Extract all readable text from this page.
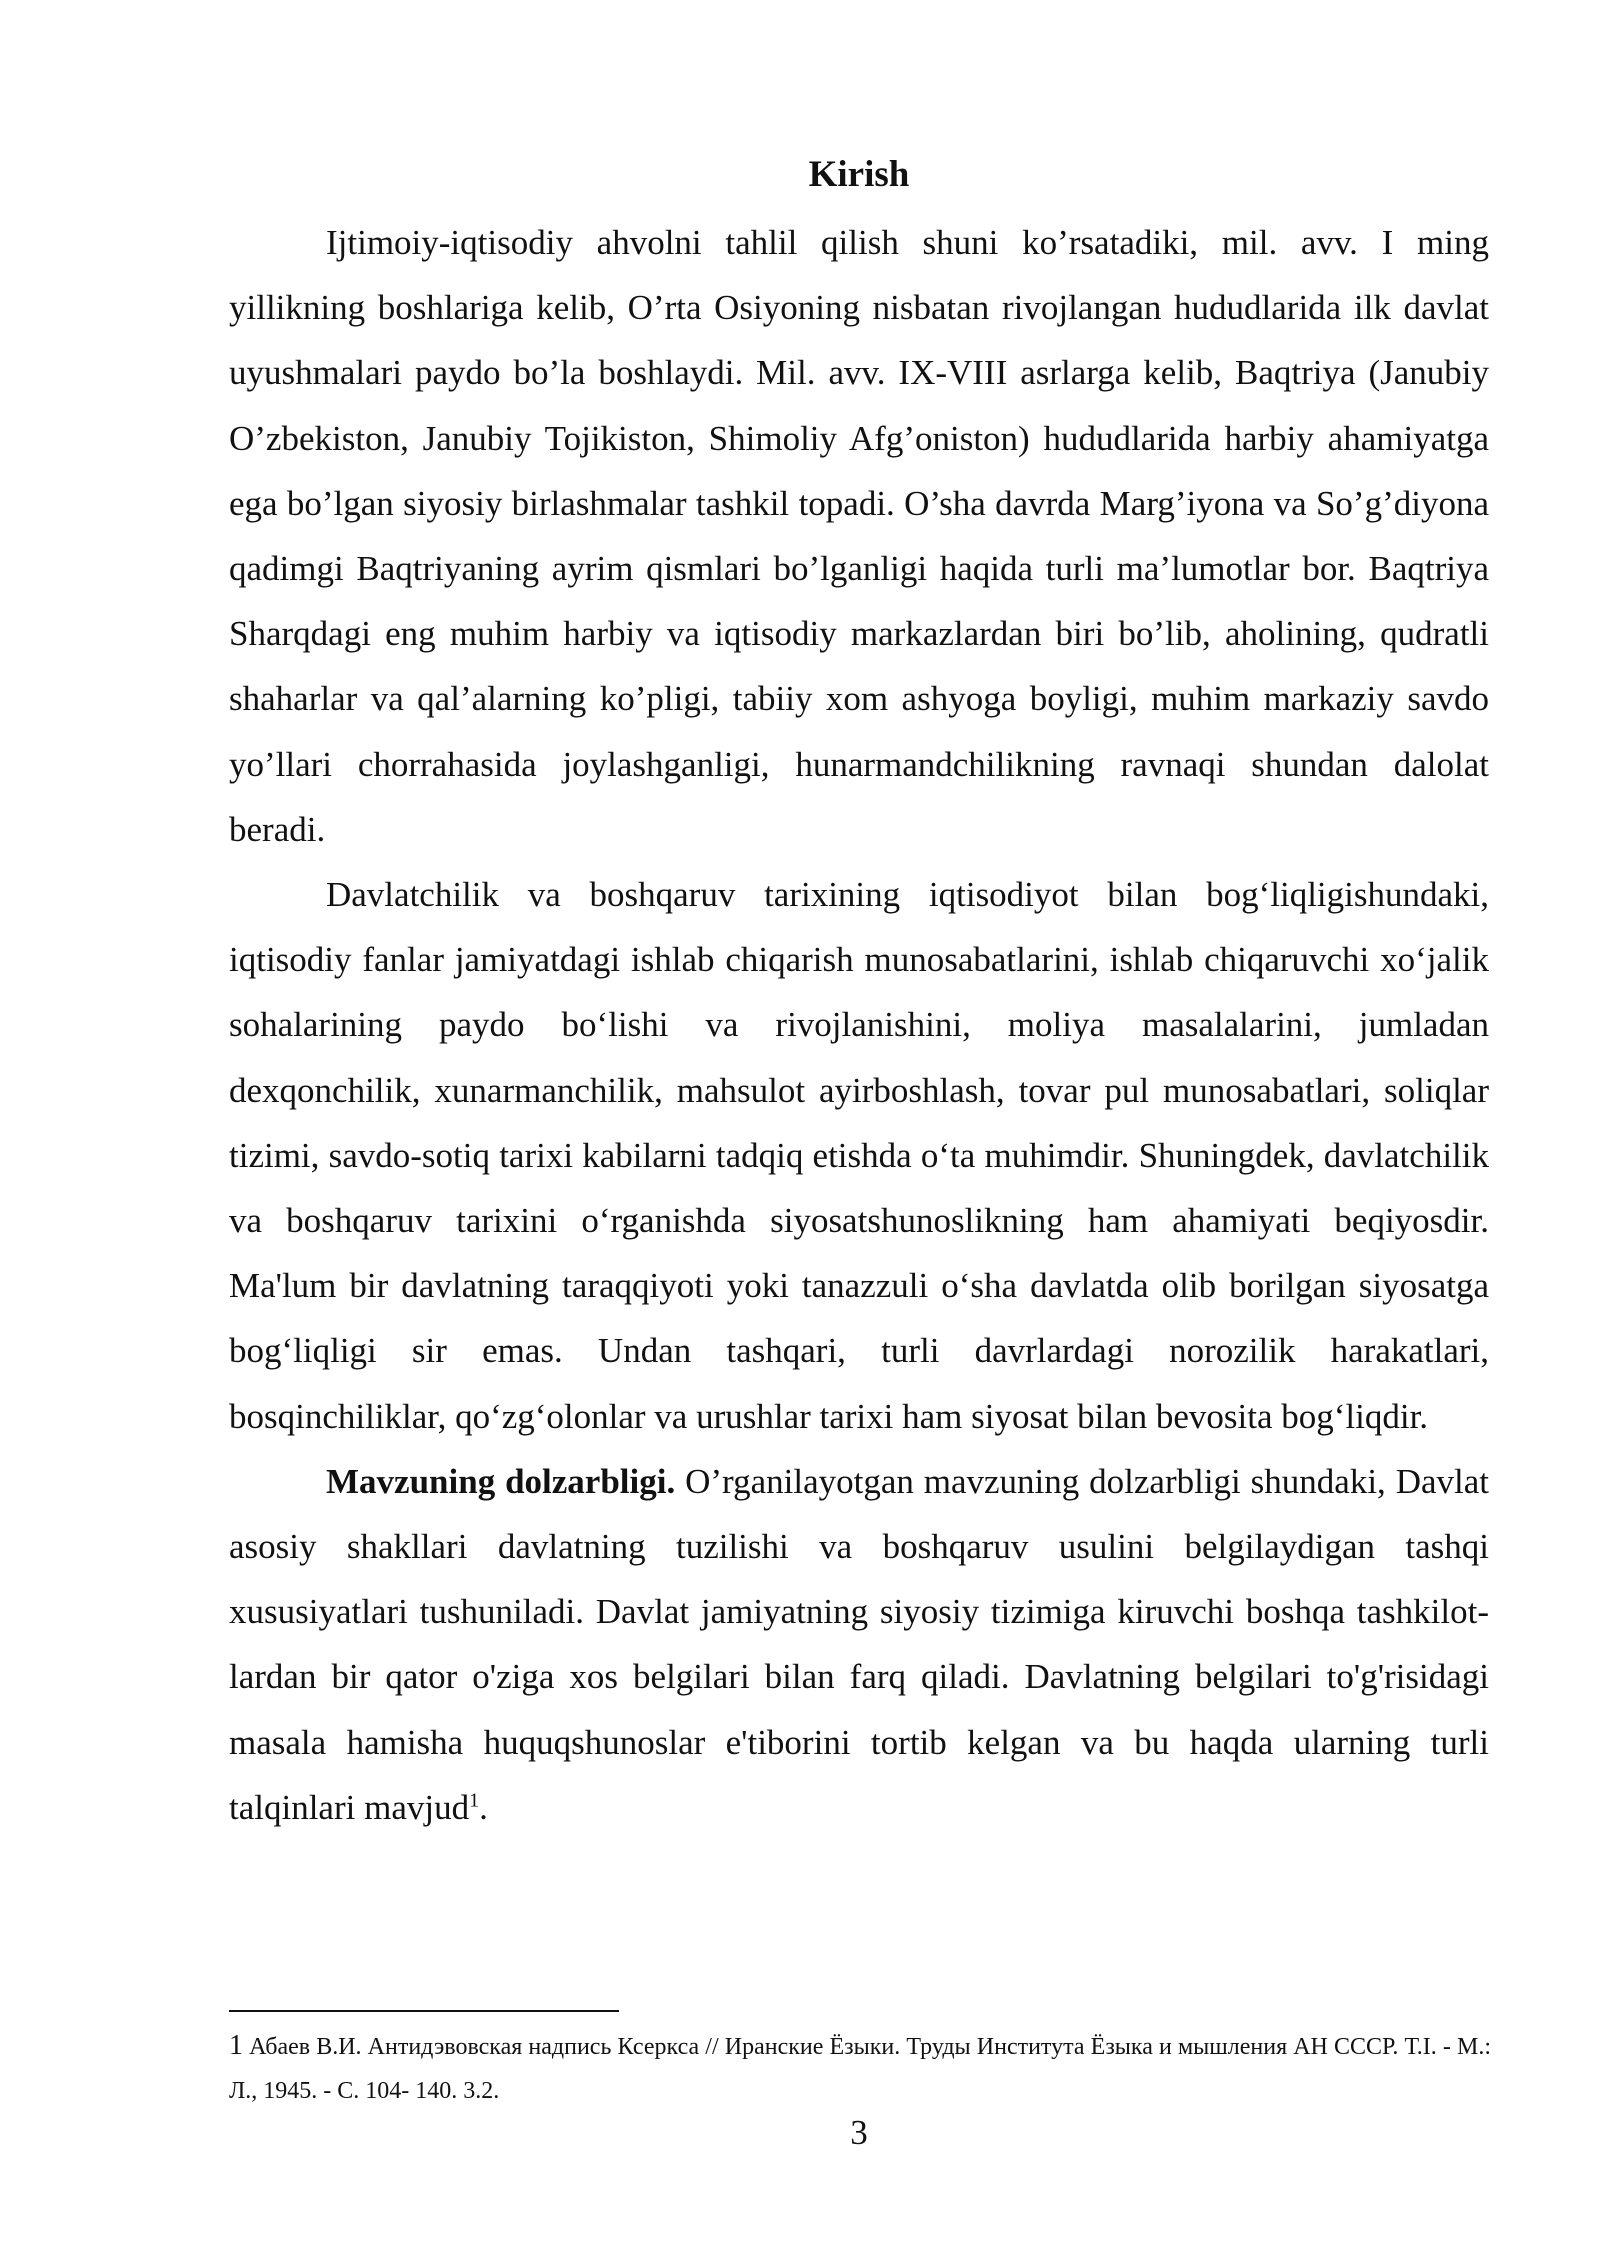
Kirish

Ijtimoiy-iqtisodiy ahvolni tahlil qilish shuni ko’rsatadiki, mil. avv. I ming yillikning boshlariga kelib, O’rta Osiyoning nisbatan rivojlangan hududlarida ilk davlat uyushmalari paydo bo’la boshlaydi. Mil. avv. IX-VIII asrlarga kelib, Baqtriya (Janubiy O’zbekiston, Janubiy Tojikiston, Shimoliy Afg’oniston) hududlarida harbiy ahamiyatga ega bo’lgan siyosiy birlashmalar tashkil topadi. O’sha davrda Marg’iyona va So’g’diyona qadimgi Baqtriyaning ayrim qismlari bo’lganligi haqida turli ma’lumotlar bor. Baqtriya Sharqdagi eng muhim harbiy va iqtisodiy markazlardan biri bo’lib, aholining, qudratli shaharlar va qal’alarning ko’pligi, tabiiy xom ashyoga boyligi, muhim markaziy savdo yo’llari chorrahasida joylashganligi, hunarmandchilikning ravnaqi shundan dalolat beradi.

Davlatchilik va boshqaruv tarixining iqtisodiyot bilan bog‘liqligishundaki, iqtisodiy fanlar jamiyatdagi ishlab chiqarish munosabatlarini, ishlab chiqaruvchi xo‘jalik sohalarining paydo bo‘lishi va rivojlanishini, moliya masalalarini, jumladan dexqonchilik, xunarmanchilik, mahsulot ayirboshlash, tovar pul munosabatlari, soliqlar tizimi, savdo-sotiq tarixi kabilarni tadqiq etishda o‘ta muhimdir. Shuningdek, davlatchilik va boshqaruv tarixini o‘rganishda siyosatshunoslikning ham ahamiyati beqiyosdir. Ma'lum bir davlatning taraqqiyoti yoki tanazzuli o‘sha davlatda olib borilgan siyosatga bog‘liqligi sir emas. Undan tashqari, turli davrlardagi norozilik harakatlari, bosqinchiliklar, qo‘zg‘olonlar va urushlar tarixi ham siyosat bilan bevosita bog‘liqdir.

Mavzuning dolzarbligi. O’rganilayotgan mavzuning dolzarbligi shundaki, Davlat asosiy shakllari davlatning tuzilishi va boshqaruv usulini belgilaydigan tashqi xususiyatlari tushuniladi. Davlat jamiyatning siyosiy tizimiga kiruvchi boshqa tashkilot-lardan bir qator o'ziga xos belgilari bilan farq qiladi. Davlatning belgilari to'g'risidagi masala hamisha huquqshunoslar e'tiborini tortib kelgan va bu haqda ularning turli talqinlari mavjud$^1$.

1 Абаев В.И. Антидэвовская надпись Ксеркса // Иранские Ёзыки. Труды Института Ёзыка и мышления АН СССР. Т.І. - М.: Л., 1945. - С. 104- 140. 3.2.

3
